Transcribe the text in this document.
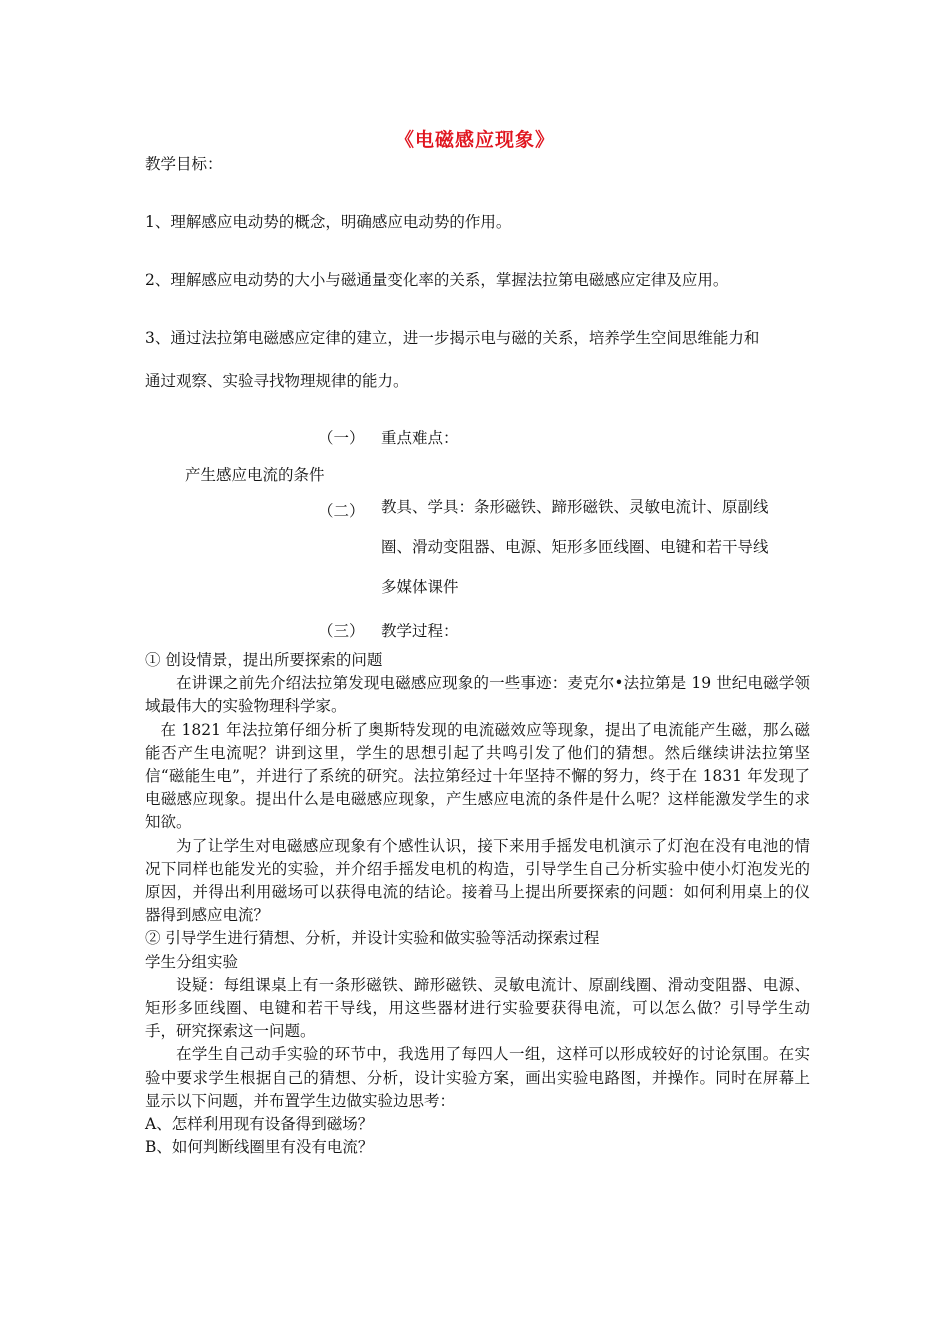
《电磁感应现象》
教学目标：
1、理解感应电动势的概念，明确感应电动势的作用。
2、理解感应电动势的大小与磁通量变化率的关系，掌握法拉第电磁感应定律及应用。
3、通过法拉第电磁感应定律的建立，进一步揭示电与磁的关系，培养学生空间思维能力和
通过观察、实验寻找物理规律的能力。
（一） 重点难点：
产生感应电流的条件
（二） 教具、学具：条形磁铁、蹄形磁铁、灵敏电流计、原副线
圈、滑动变阻器、电源、矩形多匝线圈、电键和若干导线
多媒体课件
（三） 教学过程：

① 创设情景，提出所要探索的问题

在讲课之前先介绍法拉第发现电磁感应现象的一些事迹：麦克尔•法拉第是 19 世纪电磁学领域最伟大的实验物理科学家。

在 1821 年法拉第仔细分析了奥斯特发现的电流磁效应等现象，提出了电流能产生磁，那么磁能否产生电流呢？讲到这里，学生的思想引起了共鸣引发了他们的猜想。然后继续讲法拉第坚信“磁能生电”，并进行了系统的研究。法拉第经过十年坚持不懈的努力，终于在 1831 年发现了电磁感应现象。提出什么是电磁感应现象，产生感应电流的条件是什么呢？这样能激发学生的求知欲。

为了让学生对电磁感应现象有个感性认识，接下来用手摇发电机演示了灯泡在没有电池的情况下同样也能发光的实验，并介绍手摇发电机的构造，引导学生自己分析实验中使小灯泡发光的原因，并得出利用磁场可以获得电流的结论。接着马上提出所要探索的问题：如何利用桌上的仪器得到感应电流？

② 引导学生进行猜想、分析，并设计实验和做实验等活动探索过程

学生分组实验

设疑：每组课桌上有一条形磁铁、蹄形磁铁、灵敏电流计、原副线圈、滑动变阻器、电源、矩形多匝线圈、电键和若干导线，用这些器材进行实验要获得电流，可以怎么做？引导学生动手，研究探索这一问题。

在学生自己动手实验的环节中，我选用了每四人一组，这样可以形成较好的讨论氛围。在实验中要求学生根据自己的猜想、分析，设计实验方案，画出实验电路图，并操作。同时在屏幕上显示以下问题，并布置学生边做实验边思考：

A、怎样利用现有设备得到磁场？

B、如何判断线圈里有没有电流？
